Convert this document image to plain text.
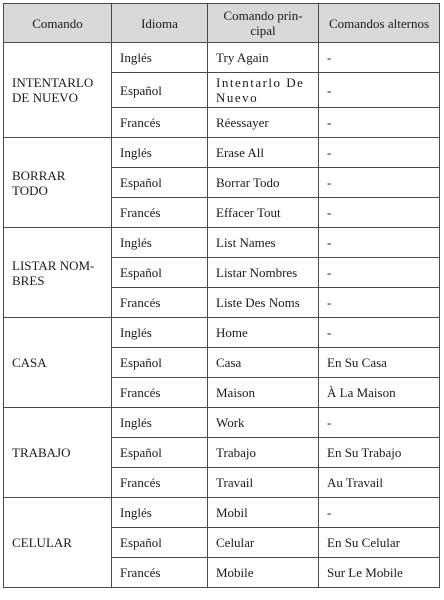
Comando	Idioma	Comando prin-cipal	Comandos alternos
INTENTARLO DE NUEVO	Inglés	Try Again	-
	Español	Intentarlo De Nuevo	-
	Francés	Réessayer	-
BORRAR TODO	Inglés	Erase All	-
	Español	Borrar Todo	-
	Francés	Effacer Tout	-
LISTAR NOM-BRES	Inglés	List Names	-
	Español	Listar Nombres	-
	Francés	Liste Des Noms	-
CASA	Inglés	Home	-
	Español	Casa	En Su Casa
	Francés	Maison	À La Maison
TRABAJO	Inglés	Work	-
	Español	Trabajo	En Su Trabajo
	Francés	Travail	Au Travail
CELULAR	Inglés	Mobil	-
	Español	Celular	En Su Celular
	Francés	Mobile	Sur Le Mobile
